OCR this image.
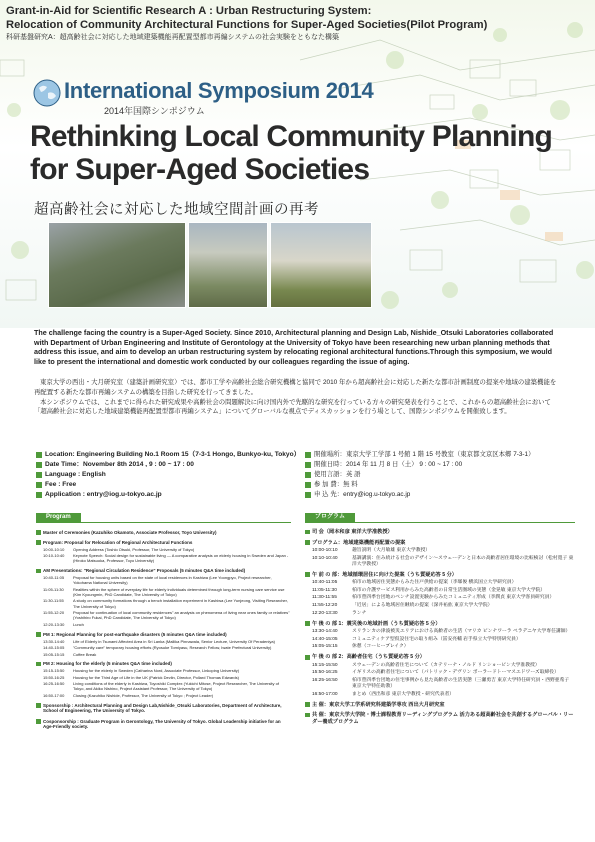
Grant-in-Aid for Scientific Research A : Urban Restructuring System:
Relocation of Community Architectural Functions for Super-Aged Societies(Pilot Program)
科研基盤研究A：超高齢社会に対応した地域建築機能再配置型都市再編システムの社会実験をともなた構築
International Symposium 2014
2014年国際シンポジウム
Rethinking Local Community Planning
for Super-Aged Societies
超高齢社会に対応した地域空間計画の再考
The challenge facing the country is a Super-Aged Society. Since 2010, Architectural planning and Design Lab, Nishide_Otsuki Laboratories collaborated with Department of Urban Engineering and Institute of Gerontology at the University of Tokyo have been researching new urban planning methods that address this issue, and aim to develop an urban restructuring system by relocating regional architectural functions.Through this symposium, we would like to present the international and domestic work conducted by our colleagues regarding the issue of aging.

東京大学の西出・大月研究室（建築計画研究室）では、都市工学や高齢社会総合研究機構と協同で 2010 年から超高齢社会に対応した新たな都市計画制度の提案や地域の建築機能を再配置する新たな都市再編システムの構築を目指した研究を行ってきました。

本シンポジウムでは、これまでに得られた研究成果や高齢社会の問題解決に向け国内外で先駆的な研究を行っている方々の研究発表を行うことで、これからの超高齢社会において「超高齢社会に対応した地域建築機能再配置型都市再編システム」についてグローバルな視点でディスカッションを行う場として、国際シンポジウムを開催致します。

Location: Engineering Building No.1 Room 15（7-3-1 Hongo, Bunkyo-ku, Tokyo）
Date Time：November 8th 2014 , 9 : 00 ~ 17 : 00
Language : English
Fee : Free
Application : entry@iog.u-tokyo.ac.jp
開催場所：東京大学工学部 1 号館 1 階 15 号教室（東京都文京区本郷 7-3-1）
開催日時：2014 年 11 月 8 日（土） 9 : 00 ~ 17 : 00
使用言語：英 語
参 加 費：無 料
申 込 先：entry@iog.u-tokyo.ac.jp
Program	プログラム
Master of Ceremonies (Kazuhiko Okamoto, Associate Professor, Toyo University)
Program: Proposal for Relocation of Regional Architectural Functions
10:00-10:10	Opening Address (Toshio Otsuki, Professor, The University of Tokyo)
10:10-10:40	Keynote Speech: Social design for sustainable living — A comparative analysis on elderly housing in Sweden and Japan - (Hiroko Matsuoka, Professor, Toyo University)
AM Presentations: "Regional Circulation Residence" Proposals (5 minutes Q&A time included)
10:40-11:05	Proposal for housing units based on the state of local residences in Kashiwa (Lee Yoongpyo, Project researcher, Yokohama National University)
11:05-11:30	Realities within the sphere of everyday life for elderly individuals determined through long-term nursing care service use (Kim Kyoungmin, PhD Candidate, The University of Tokyo)
11:30-11:55	A study on community formations through a bench installation experiment in Kashiwa (Lee Yunjeong, Visiting Researcher, The University of Tokyo)
11:55-12:20	Proposal for continuation of local community residences" an analysis on phenomena of living near ones family or relatives" (Yoshihiro Fukai, PhD Candidate, The University of Tokyo)
12:20-13:30	Lunch
PM 1: Regional Planning for post-earthquake disasters (5 minutes Q&A time included)
13:30-14:40	Life of Elderly in Tsunami Affected Area in Sri Lanka (Mallika Pinnawala, Senior Lecture, University Of Peradeniya)
14:40-15:05	"Community care" temporary housing efforts (Ryosuke Tomiyasu, Research Fellow, Iwate Prefectural University)
15:05-15:15	Coffee Break
PM 2: Housing for the elderly (5 minutes Q&A time included)
15:15-15:50	Housing for the elderly in Sweden (Catharina Nord, Associate Professor, Linkoping University)
15:50-16:25	Housing for the Third Age of Life in the UK (Patrick Devlin, Director, Pollard Thomas Edwards)
16:25-16:50	Living conditions of the elderly in Kashiwa, Toyoshiki Complex (Yukichi Mitose, Project Researcher, The University of Tokyo, and Akiko Nishino, Project Assistant Professor, The University of Tokyo)
16:50-17:00	Closing (Kazuhiko Nishide, Professor, The University of Tokyo ; Project Leader)
Sponsorship : Architectural Planning and Design Lab,Nishide_Otsuki Laboratories, Department of Architecture, School of Engineering, The University of Tokyo.
Cosponsorship : Graduate Program in Gerontology, The University of Tokyo. Global Leadership initiative for an Age-Friendly society.
司 会（岡本和彦 東洋大学准教授）
プログラム：地域建築機能再配置の提案
10:00-10:10	趣旨説明（大月敏雄 東京大学教授）
10:10-10:40	基調講演：住み続ける社会のデザイン〜スウェーデンと日本の高齢者居住環境の比較検討（松村寛子 東洋大学教授）
午 前 の 部：地域循環居住に向けた提案（うち質疑応答 5 分）
10:40-11:05	柏市の地域居住実態からみた住戸供給の提案（李瑯俊 横浜国立大学研究員）
11:05-11:30	柏市の介護サービス利用からみた高齢者の日常生活圏域の実態（金晃敏 東京大学大学院）
11:30-11:55	柏市豊四季台団地のベンチ設置実験からみたコミュニティ形成（李潤貞 東京大学客員研究員）
11:55-12:20	「近居」による地域居住継続の提案（深井祐紘 東京大学大学院）
12:20-13:30	ランチ
午 後 の 部 1：震災後の地域計画（うち質疑応答 5 分）
13:30-14:40	スリランカの津波被災エリアにおける高齢者の生活（マリカ ピンナワーラ ペラデニヤ大学専任講師）
14:40-15:05	コミュニティケア型仮設住宅の取り組み（冨安亮輔 岩手県立大学特別研究員）
15:05-15:15	休憩（コーヒーブレイク）
午 後 の 部 2：高齢者住宅（うち質疑応答 5 分）
15:15-15:50	スウェーデンの高齢者住宅について（カテリーナ・ノルド リンショーピン大学准教授）
15:50-16:25	イギリスの高齢者住宅について（パトリック・デヴリン ポーラードトーマスエドワーズ取締役）
16:25-16:50	柏市豊四季台団地の住宅事例から見た高齢者の生活実態（三瀬勇吉 東京大学特任研究員・西野亜希子 東京大学特任助教）
16:50-17:00	まとめ（西出和彦 東京大学教授・研究代表者）
主 催：東京大学工学系研究科建築学専攻 西出大月研究室
共 催：東京大学大学院・博士課程教育リーディングプログラム 活力ある超高齢社会を共創するグローバル・リーダー養成プログラム
